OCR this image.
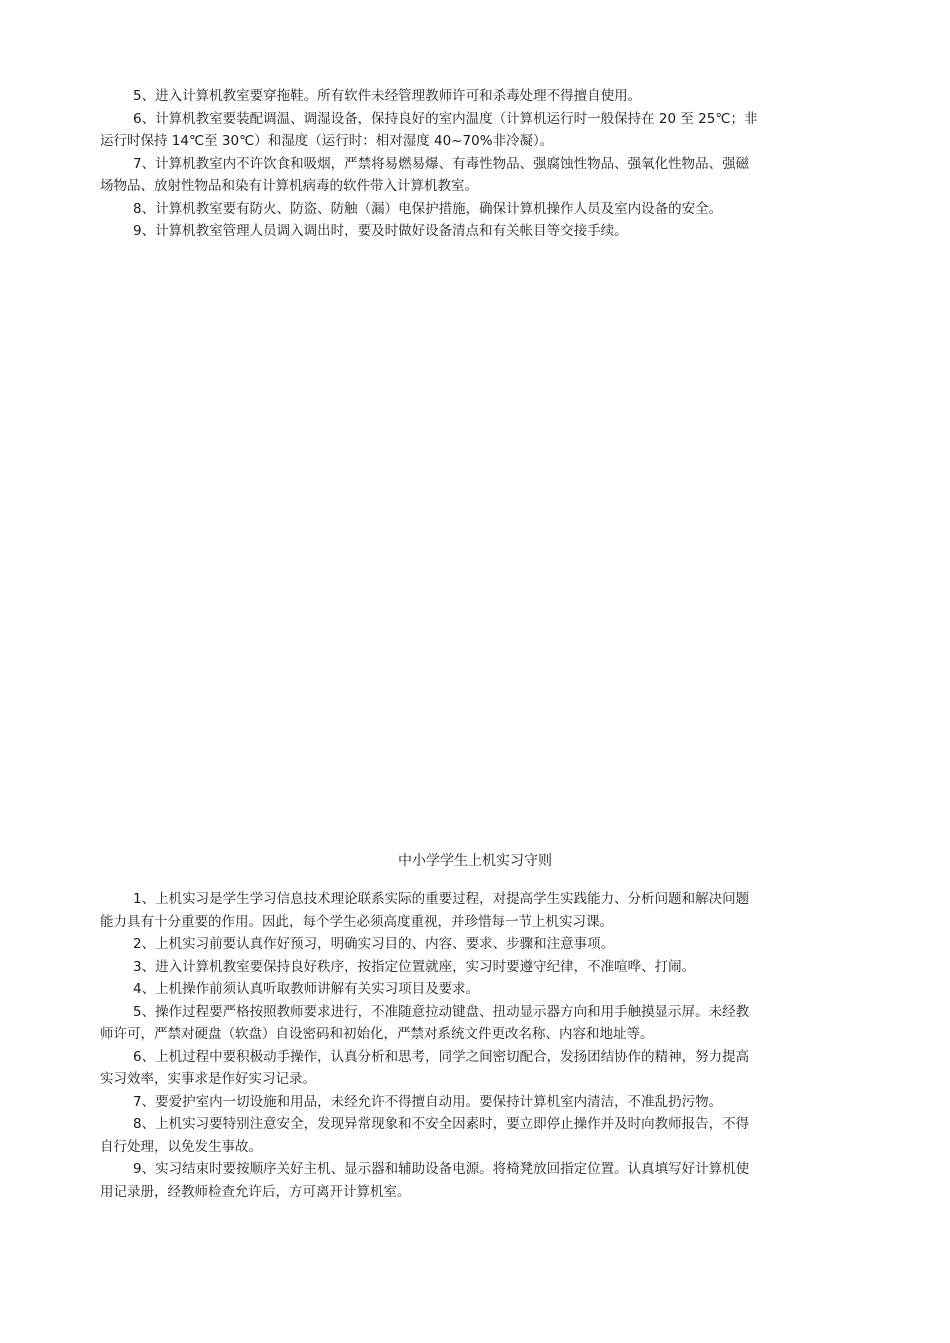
5、进入计算机教室要穿拖鞋。所有软件未经管理教师许可和杀毒处理不得擅自使用。

6、计算机教室要装配调温、调湿设备，保持良好的室内温度（计算机运行时一般保持在 20 至 25℃；非
运行时保持 14℃至 30℃）和湿度（运行时：相对湿度 40~70%非冷凝）。

7、计算机教室内不许饮食和吸烟，严禁将易燃易爆、有毒性物品、强腐蚀性物品、强氧化性物品、强磁
场物品、放射性物品和染有计算机病毒的软件带入计算机教室。

8、计算机教室要有防火、防盗、防触（漏）电保护措施，确保计算机操作人员及室内设备的安全。

9、计算机教室管理人员调入调出时，要及时做好设备清点和有关帐目等交接手续。

中小学学生上机实习守则

1、上机实习是学生学习信息技术理论联系实际的重要过程，对提高学生实践能力、分析问题和解决问题
能力具有十分重要的作用。因此，每个学生必须高度重视，并珍惜每一节上机实习课。

2、上机实习前要认真作好预习，明确实习目的、内容、要求、步骤和注意事项。

3、进入计算机教室要保持良好秩序，按指定位置就座，实习时要遵守纪律，不准喧哗、打闹。

4、上机操作前须认真听取教师讲解有关实习项目及要求。

5、操作过程要严格按照教师要求进行，不准随意拉动键盘、扭动显示器方向和用手触摸显示屏。未经教
师许可，严禁对硬盘（软盘）自设密码和初始化，严禁对系统文件更改名称、内容和地址等。

6、上机过程中要积极动手操作，认真分析和思考，同学之间密切配合，发扬团结协作的精神，努力提高
实习效率，实事求是作好实习记录。

7、要爱护室内一切设施和用品，未经允许不得擅自动用。要保持计算机室内清洁，不准乱扔污物。

8、上机实习要特别注意安全，发现异常现象和不安全因素时，要立即停止操作并及时向教师报告，不得
自行处理，以免发生事故。

9、实习结束时要按顺序关好主机、显示器和辅助设备电源。将椅凳放回指定位置。认真填写好计算机使
用记录册，经教师检查允许后，方可离开计算机室。
